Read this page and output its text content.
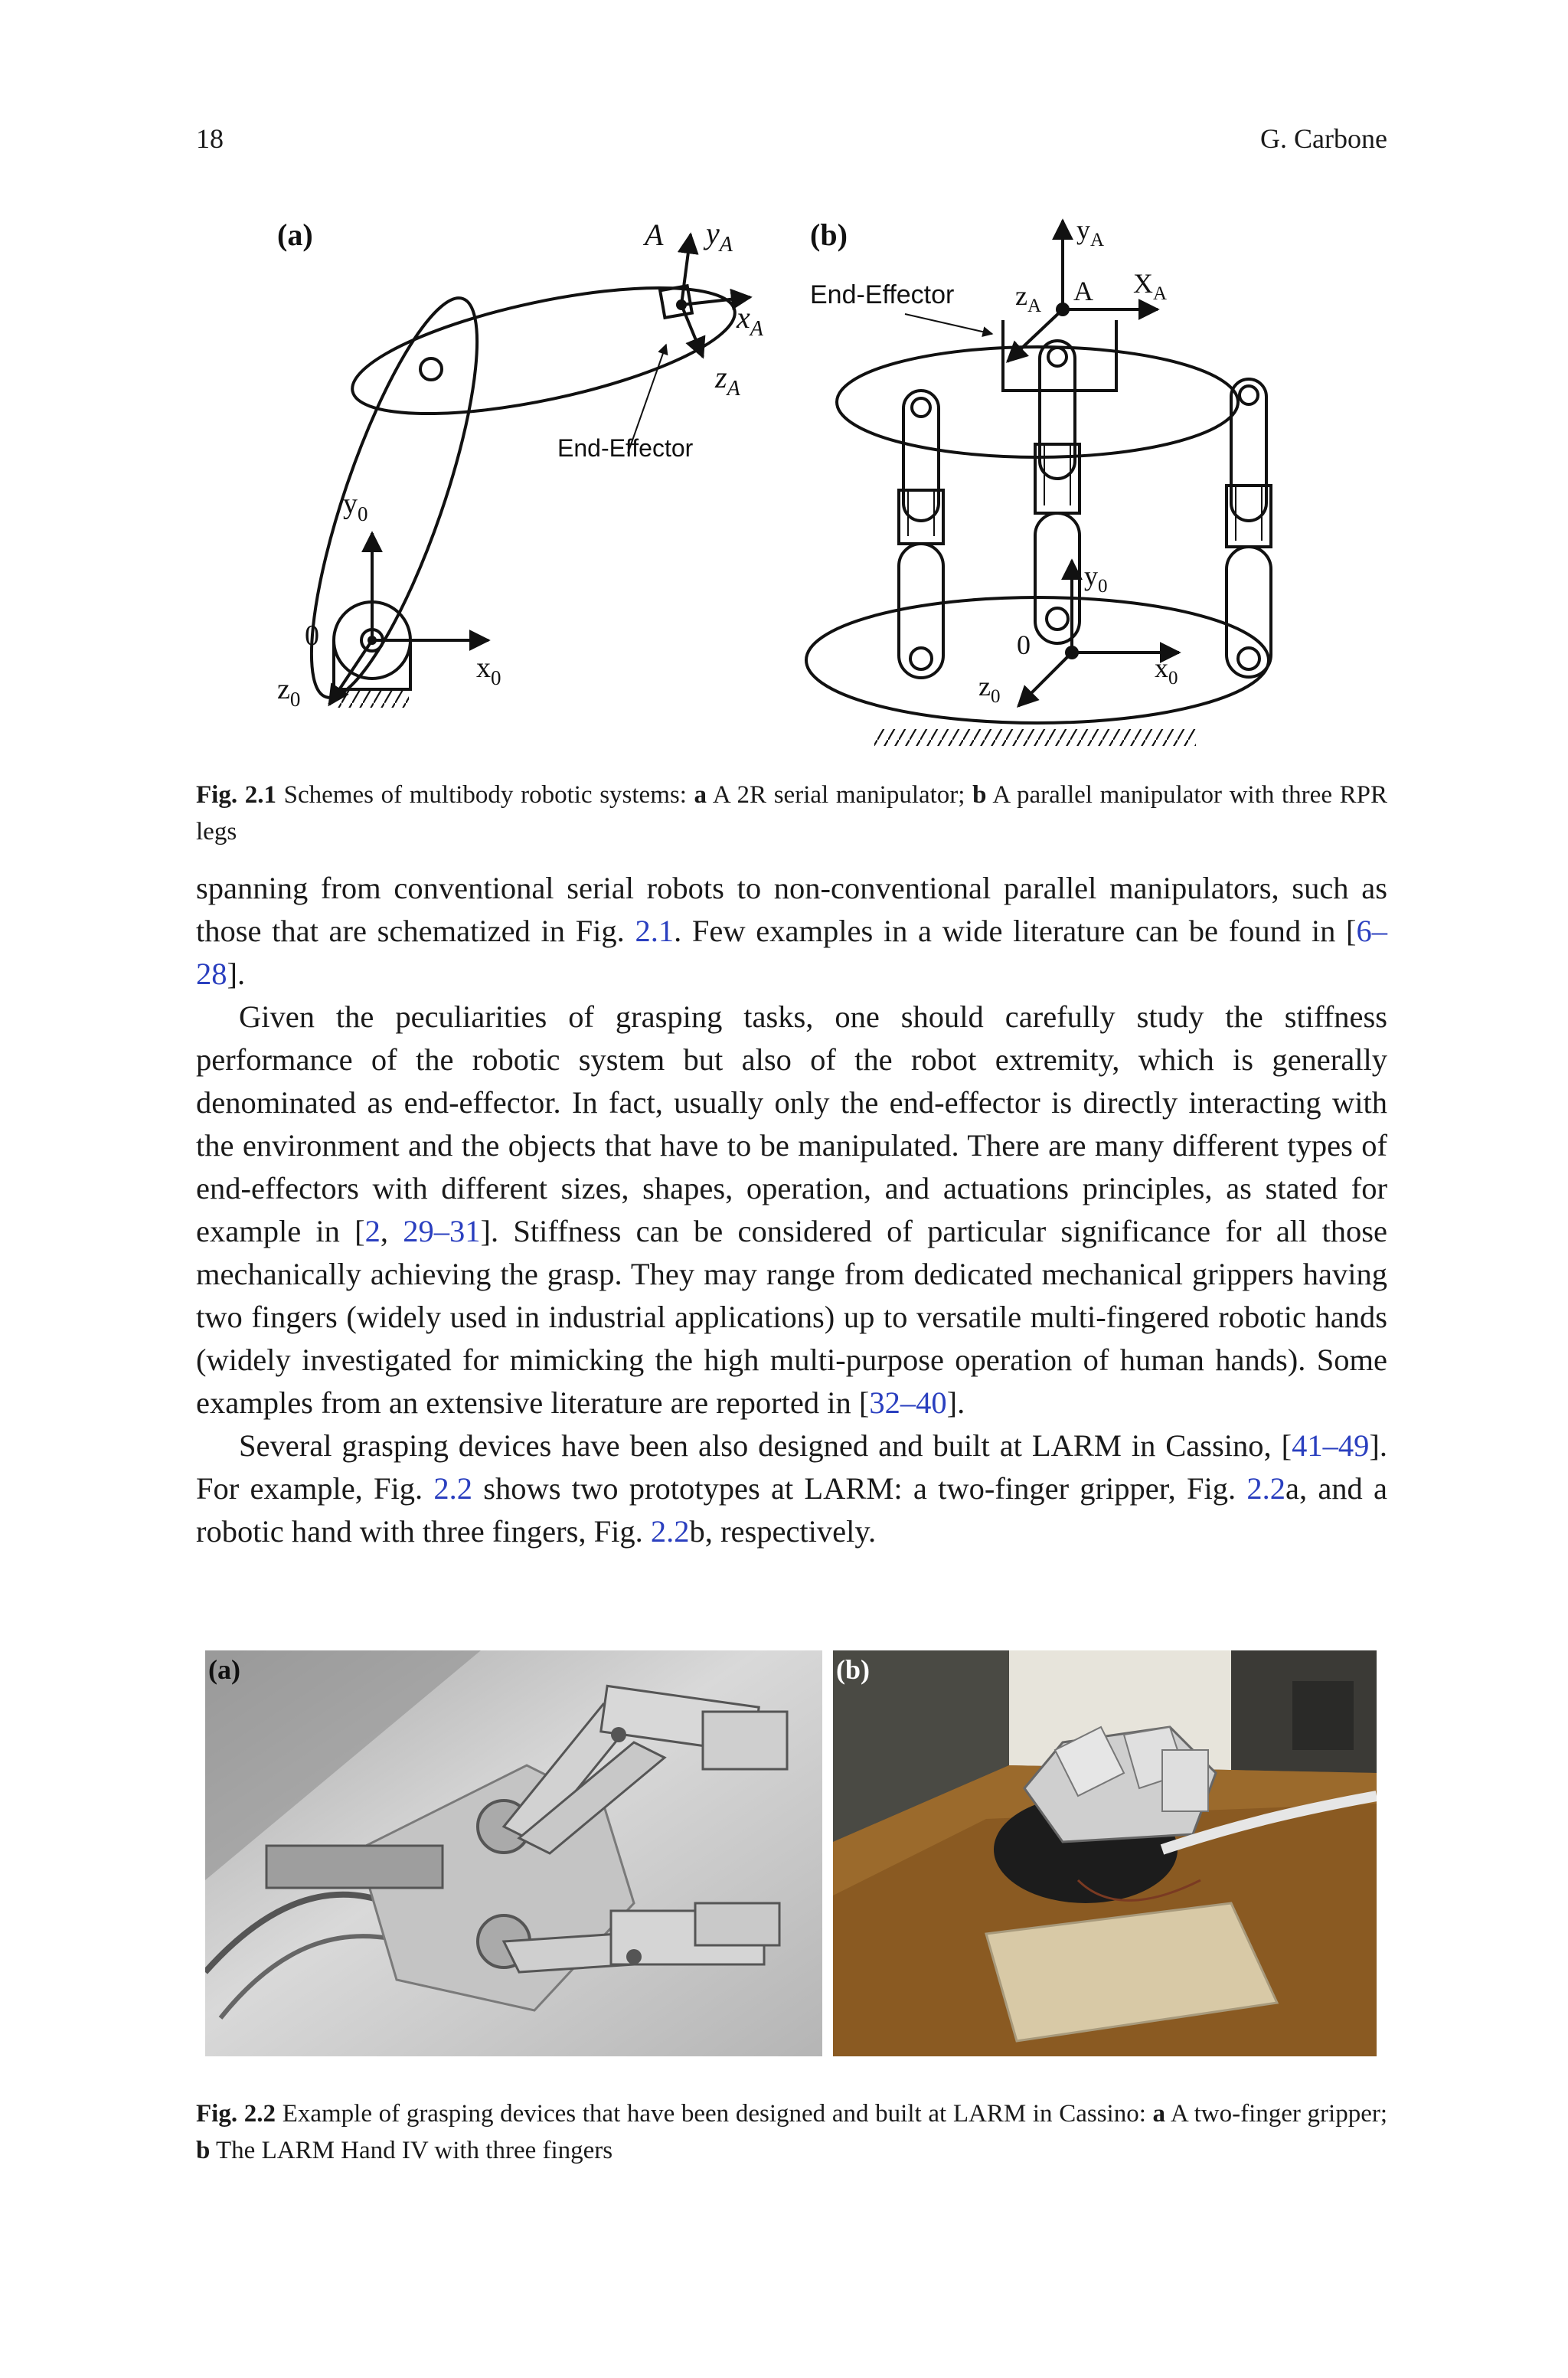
18	G. Carbone
(a)	A $y_A$
$x_A$
$z_A$
End-Effector
$y_0$
0
$x_0$
$z_0$
(b)	$y_A$
$X_A$
$z_A$ A
End-Effector
$y_0$
0
$x_0$
$z_0$
Fig. 2.1 Schemes of multibody robotic systems: a A 2R serial manipulator; b A parallel manipulator with three RPR legs

spanning from conventional serial robots to non-conventional parallel manipulators, such as those that are schematized in Fig. 2.1. Few examples in a wide literature can be found in [6–28].

Given the peculiarities of grasping tasks, one should carefully study the stiffness performance of the robotic system but also of the robot extremity, which is generally denominated as end-effector. In fact, usually only the end-effector is directly interacting with the environment and the objects that have to be manipulated. There are many different types of end-effectors with different sizes, shapes, operation, and actuations principles, as stated for example in [2, 29–31]. Stiffness can be considered of particular significance for all those mechanically achieving the grasp. They may range from dedicated mechanical grippers having two fingers (widely used in industrial applications) up to versatile multi-fingered robotic hands (widely investigated for mimicking the high multi-purpose operation of human hands). Some examples from an extensive literature are reported in [32–40].

Several grasping devices have been also designed and built at LARM in Cassino, [41–49]. For example, Fig. 2.2 shows two prototypes at LARM: a two-finger gripper, Fig. 2.2a, and a robotic hand with three fingers, Fig. 2.2b, respectively.

(a)	(b)
Fig. 2.2 Example of grasping devices that have been designed and built at LARM in Cassino: a A two-finger gripper; b The LARM Hand IV with three fingers
